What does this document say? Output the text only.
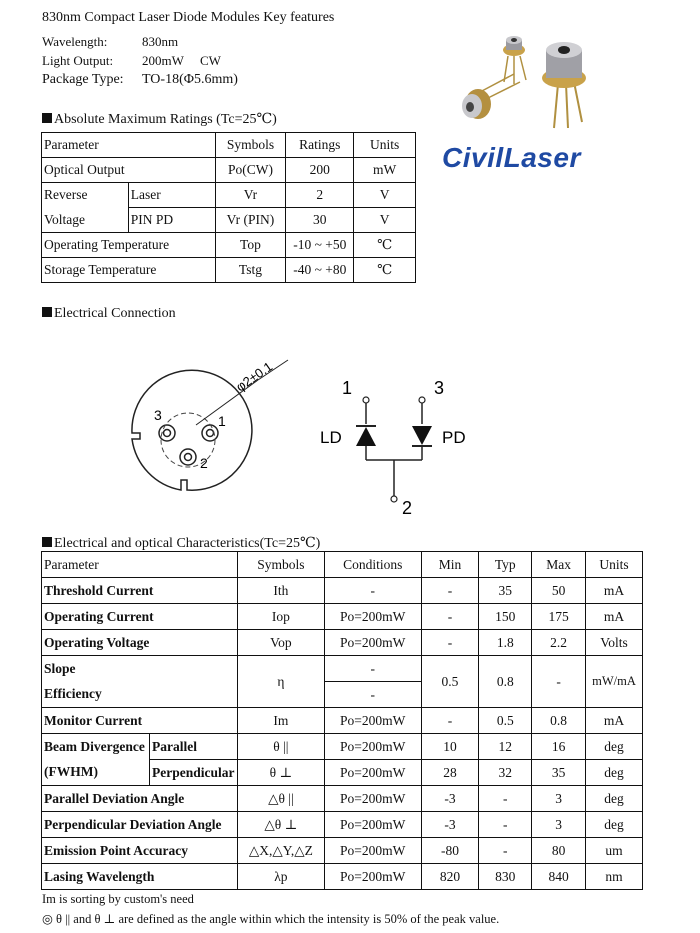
830nm Compact Laser Diode Modules Key features
Wavelength:	830nm
Light Output: 200mW CW
Package Type: TO-18(Φ5.6mm)
CivilLaser
Absolute Maximum Ratings (Tc=25℃)
Parameter		Symbols	Ratings	Units
Optical Output		Po(CW)	200	mW
Reverse	Laser	Vr	2	V
Voltage	PIN PD	Vr (PIN)	30	V
Operating Temperature		Top	-10 ~ +50	℃
Storage Temperature		Tstg	-40 ~ +80	℃
Electrical Connection
φ2±0.1
3	1
2
1	3
2
LD	PD
Electrical and optical Characteristics(Tc=25℃)
Parameter		Symbols	Conditions	Min	Typ	Max	Units
Threshold Current		Ith	-	-	35	50	mA
Operating Current		Iop	Po=200mW	-	150	175	mA
Operating Voltage		Vop	Po=200mW	-	1.8	2.2	Volts
Slope		η	-	0.5	0.8	-	mW/mA
Efficiency			-				
Monitor Current		Im	Po=200mW	-	0.5	0.8	mA
Beam Divergence	Parallel	θ ||	Po=200mW	10	12	16	deg
(FWHM)	Perpendicular	θ ⊥	Po=200mW	28	32	35	deg
Parallel Deviation Angle		△θ ||	Po=200mW	-3	-	3	deg
Perpendicular Deviation Angle		△θ ⊥	Po=200mW	-3	-	3	deg
Emission Point Accuracy		△X,△Y,△Z	Po=200mW	-80	-	80	um
Lasing Wavelength		λp	Po=200mW	820	830	840	nm
Im is sorting by custom's need
◎ θ || and θ ⊥ are defined as the angle within which the intensity is 50% of the peak value.
